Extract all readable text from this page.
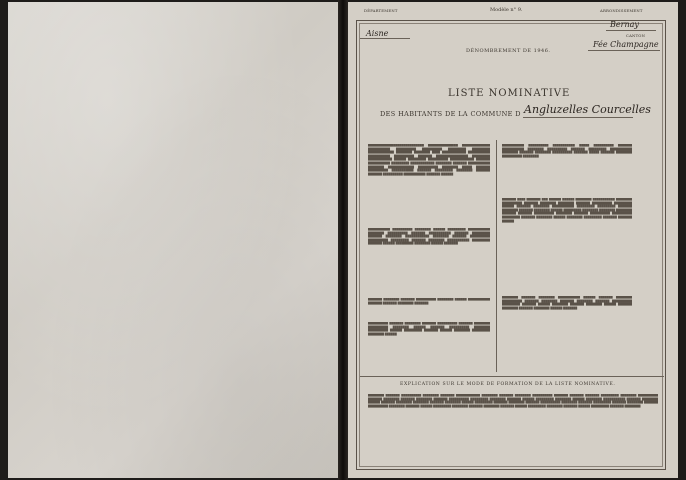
DÉPARTEMENT	Modèle n° 9.	ARRONDISSEMENT
Aisne
Bernay
CANTON
Fée Champagne
DÉNOMBREMENT DE 1946.
LISTE NOMINATIVE
DES HABITANTS DE LA COMMUNE D Angluzelles Courcelles
████████████████████████████ ███████████████ ██████████████ ███████████ ██████████ ██████████ █████████ █████████ █████████████ ████████ ████████ ████ ████████████ ███████████ ███████████ ██████████ ███████ ████████████████ █████████ ████████████ ██████ █████████ ██████████ ████████████ ███████ ███████████ █████████ ████████████ ████████ ███████ ███████████ ████████ █████████████ ██████████ ████████ █████ ███████ ██████████ ███████████ ███████ █████████ ████████ ███████ ███████ ██████████ ███████████ ███████ ██████
███████████ ██████████ ████████ ██████ █████████ ███████████ ████████ ██████████ ███████ ███████████ ███████ █████████ ███████ ████████ ████████████ ████████ ███████ ██████████ ██████████ █████████ ███████ ████████ ███████████ █████████ ███████ ██████ █████████ ████████ ██████ ███████
███████ ████████ ███████ ██████████ ████████ ██████ ███████████ ███████ ███████ ████████ ███████
██████████ ███████ ████████ ███████ ██████████ ███████ ████████ ██████████ ████████ ██████ ███████ ██████████ ████████ ██████████ ██████ █████████ ███████ ██████ ████████ █████████ ████████ ██████
███████████ ██████████ ███████████ █████ ██████████ ███████ ███████████ ████████ ██████████ ███████ █████████ ███████████ ████████ ███████ ████████ ██████████ ███████ █████ ███████ ████████ ██████████ ████████
███████ ████ ███████ ███ ██████ ██████ ████████ ███████████ ████████ ██████████ ███████ ████████ ████████ ███████ ██████████ █████████ ██████ ███████ ████████ ███████████ █████████ █████████ ███████ ████████ ███████ ████████ ██████ █████████ ████████ ████████ ████████ ███████ ███████ ██████████ ████████ ███████ ██████████ ██████████ █████████ ███████ ████████ ██████ ████████ █████████ ███████ ███████ ██████
████████ ███████ ████████ ███████████ ██████ ███████ ████████ ██████████ ███████ ████████ ███████ ████████ ███████ ██████████ █████████ ███████ ██████ ████████ ███████ ████████ ██████ ███████ ████████ ███████ ████████ ██████ ███████
EXPLICATION SUR LE MODE DE FORMATION DE LA LISTE NOMINATIVE.
████████ ███████ ██████████ ████████ ███████ ████████████ ████████ ███████ ████████ ██████████ ███████ ███████ ███████ █████████ ████████ ██████████ ███████ ████████ ███████ ████████ ███████ ██████████ █████████ ████████ ███████ ██████ █████████ ████████ ██████ ████████ ███████████ ███████ ████████ ██████ ███████ ████████ ████████ ███████ ████████ ██████ █████████ ███████ ████████ ███████ ██████████ ████████ ███████ █████████ ███████ ████████ ███████ ██████████ ████████ ███████ ██████ █████████ ████████ ███████ ████████ ███████ ██████ █████████ ████████ ███████ ██████ █████████ ███████ ████████
